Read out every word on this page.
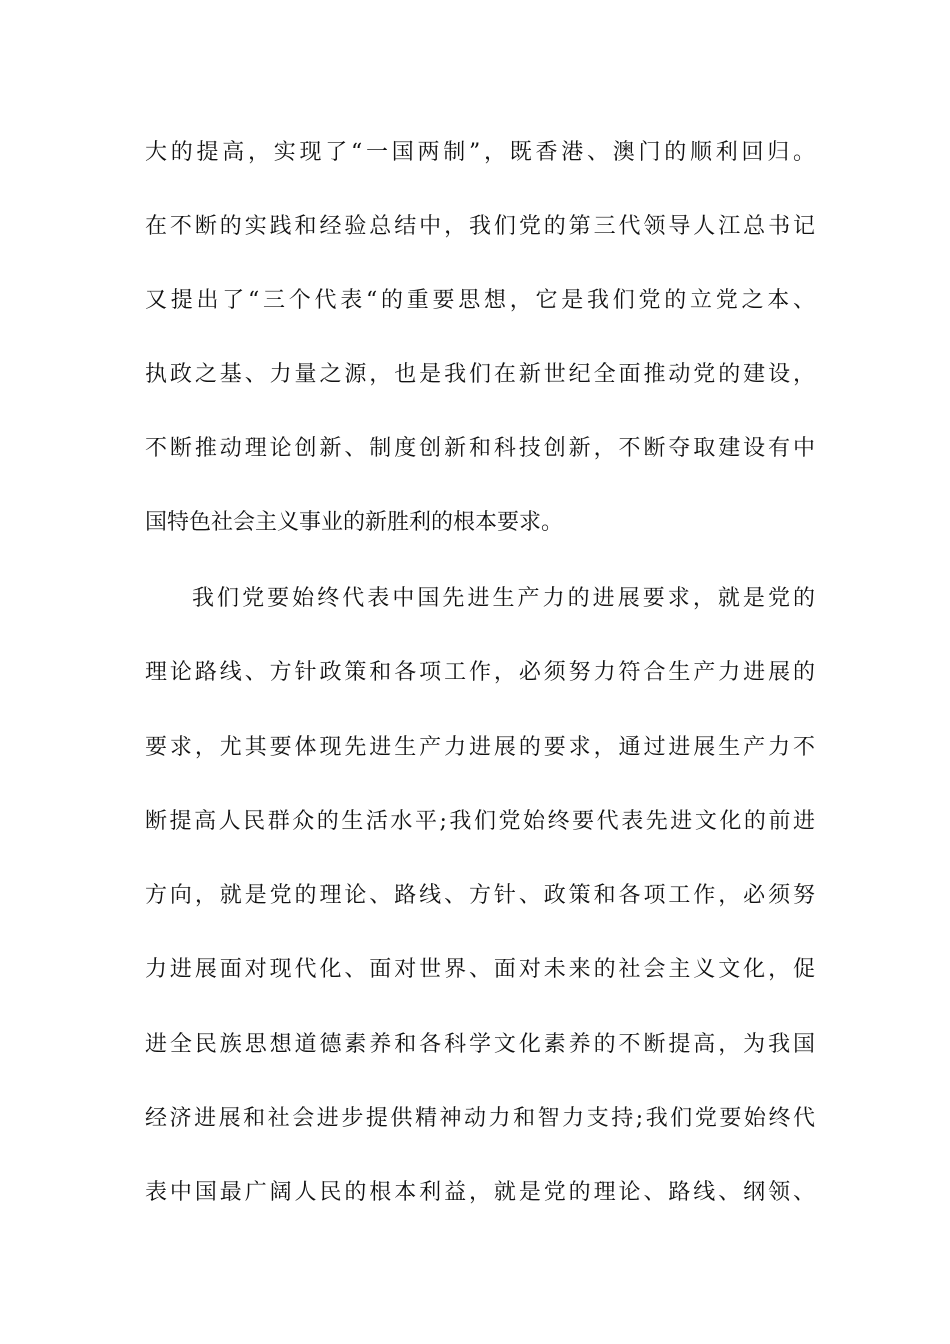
大的提高，实现了“一国两制”，既香港、澳门的顺利回归。
在不断的实践和经验总结中，我们党的第三代领导人江总书记
又提出了“三个代表“的重要思想，它是我们党的立党之本、
执政之基、力量之源，也是我们在新世纪全面推动党的建设，
不断推动理论创新、制度创新和科技创新，不断夺取建设有中
国特色社会主义事业的新胜利的根本要求。
我们党要始终代表中国先进生产力的进展要求，就是党的
理论路线、方针政策和各项工作，必须努力符合生产力进展的
要求，尤其要体现先进生产力进展的要求，通过进展生产力不
断提高人民群众的生活水平;我们党始终要代表先进文化的前进
方向，就是党的理论、路线、方针、政策和各项工作，必须努
力进展面对现代化、面对世界、面对未来的社会主义文化，促
进全民族思想道德素养和各科学文化素养的不断提高，为我国
经济进展和社会进步提供精神动力和智力支持;我们党要始终代
表中国最广阔人民的根本利益，就是党的理论、路线、纲领、
